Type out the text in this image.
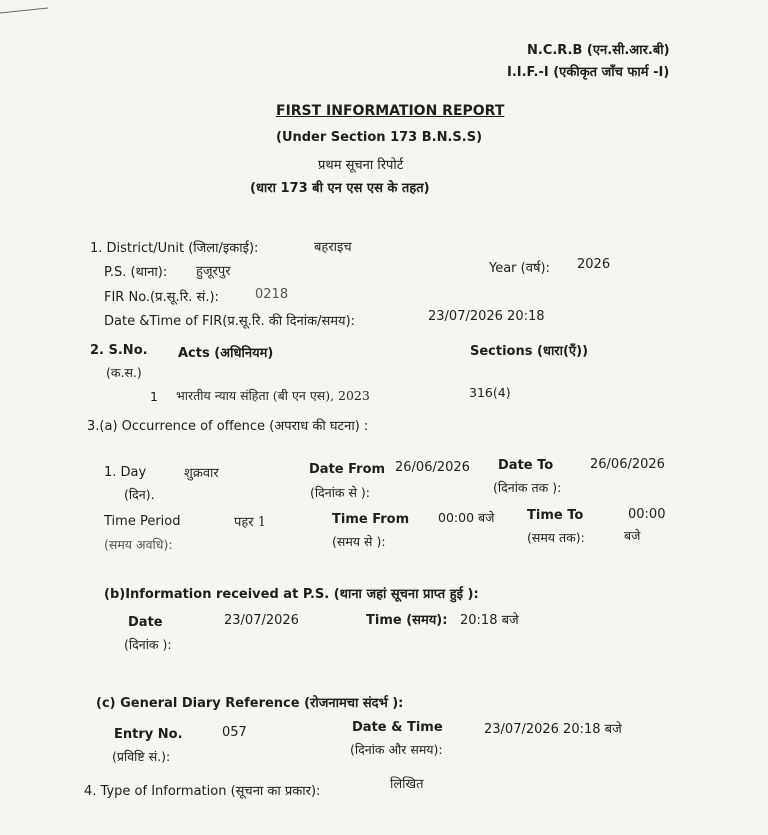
N.C.R.B (एन.सी.आर.बी)
I.I.F.-I (एकीकृत जाँच फार्म -I)
FIRST INFORMATION REPORT
(Under Section 173 B.N.S.S)
प्रथम सूचना रिपोर्ट
(धारा 173 बी एन एस एस के तहत)
1. District/Unit (जिला/इकाई):	बहराइच
P.S. (थाना): हुजूरपुर	Year (वर्ष): 2026
FIR No.(प्र.सू.रि. सं.):	0218
Date &Time of FIR(प्र.सू.रि. की दिनांक/समय):	23/07/2026 20:18
2. S.No.
(क.स.)
Acts (अधिनियम)	Sections (धारा(एँ))
1 भारतीय न्याय संहिता (बी एन एस), 2023	316(4)
3.(a) Occurrence of offence (अपराध की घटना) :
1. Day
(दिन).
शुक्रवार	Date From 26/06/2026
(दिनांक से ):
Date To	26/06/2026
(दिनांक तक ):
Time Period
(समय अवधि):
पहर 1	Time From 00:00 बजे
(समय से ):
Time To	00:00
(समय तक):	बजे
(b)Information received at P.S. (थाना जहां सूचना प्राप्त हुई ):
Date
(दिनांक ):
23/07/2026	Time (समय): 20:18 बजे
(c) General Diary Reference (रोजनामचा संदर्भ ):
Entry No.
(प्रविष्टि सं.):
057	Date & Time
(दिनांक और समय):
23/07/2026 20:18 बजे
4. Type of Information (सूचना का प्रकार):	लिखित
